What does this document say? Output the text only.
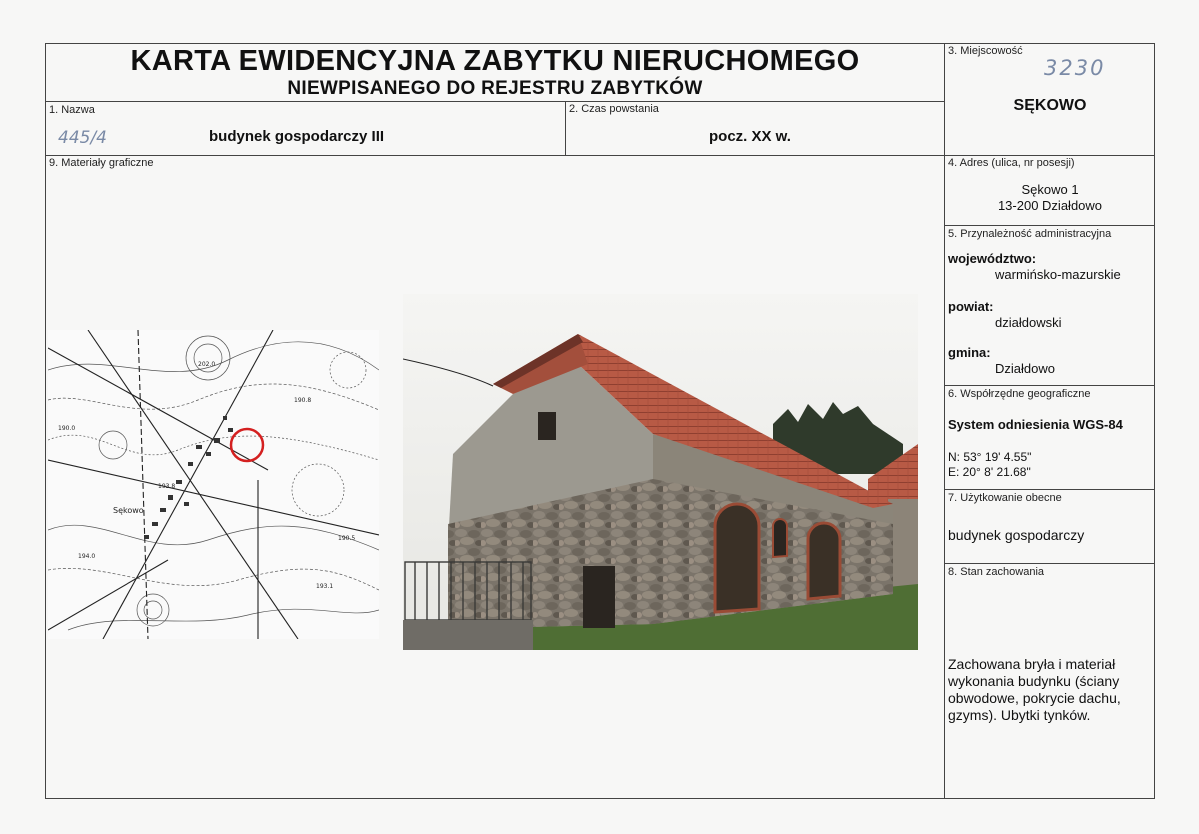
KARTA EWIDENCYJNA ZABYTKU NIERUCHOMEGO
NIEWPISANEGO DO REJESTRU ZABYTKÓW
1. Nazwa
445/4	budynek gospodarczy III
2. Czas powstania
pocz. XX w.
3. Miejscowość
3230
SĘKOWO
9. Materiały graficzne	4. Adres (ulica, nr posesji)
Sękowo 1
13-200 Działdowo
5. Przynależność administracyjna
województwo:
warmińsko-mazurskie
powiat:
działdowski
gmina:
Działdowo
6. Współrzędne geograficzne
System odniesienia WGS-84
N: 53° 19' 4.55"
E: 20° 8' 21.68"
7. Użytkowanie obecne
budynek gospodarczy
8. Stan zachowania
Zachowana bryła i materiał
wykonania budynku (ściany
obwodowe, pokrycie dachu,
gzyms). Ubytki tynków.
202.0
190.8
190.0
193.8
190.5
193.1
194.0
Sękowo
